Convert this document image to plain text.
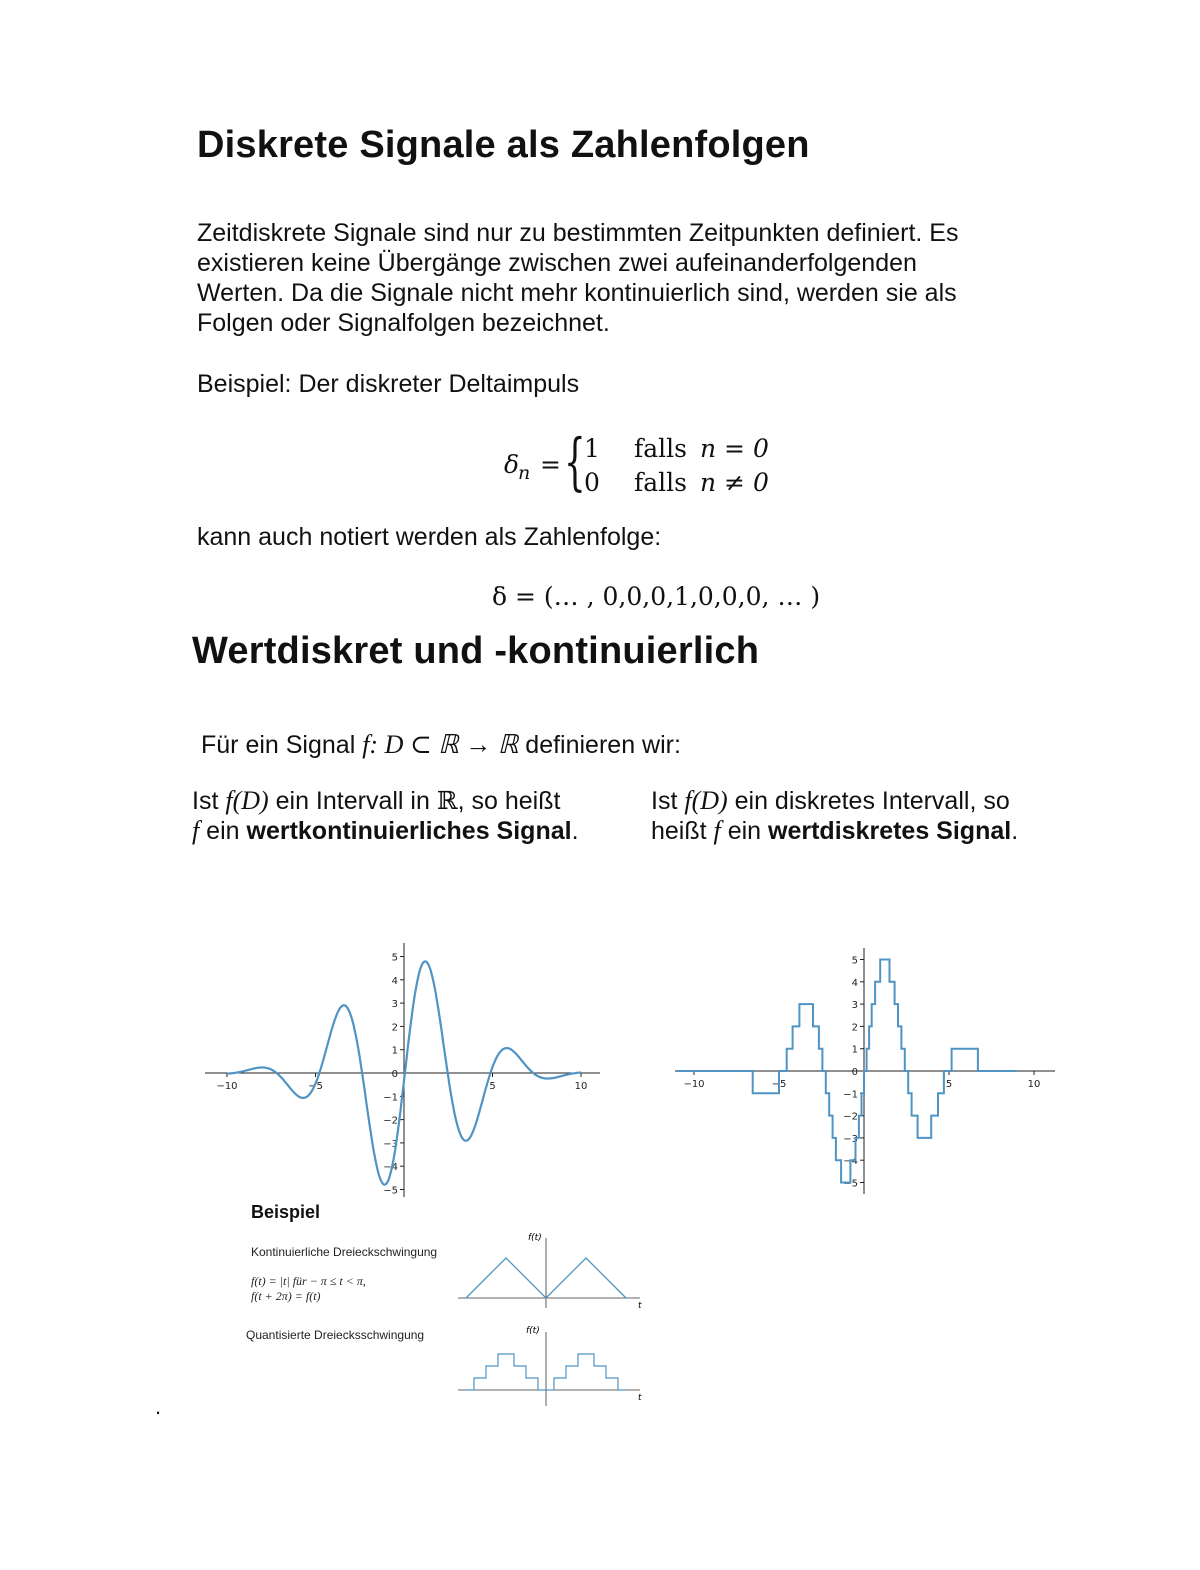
Diskrete Signale als Zahlenfolgen
Zeitdiskrete Signale sind nur zu bestimmten Zeitpunkten definiert. Es
existieren keine Übergänge zwischen zwei aufeinanderfolgenden
Werten. Da die Signale nicht mehr kontinuierlich sind, werden sie als
Folgen oder Signalfolgen bezeichnet.
Beispiel: Der diskreter Deltaimpuls
δ
n = {
1 falls n = 0
0 falls n ≠ 0
kann auch notiert werden als Zahlenfolge:
δ = (… , 0,0,0,1,0,0,0, … )
Wertdiskret und -kontinuierlich
Für ein Signal f: D ⊂ ℝ → ℝ definieren wir:
Ist f(D) ein Intervall in ℝ, so heißt
f ein wertkontinuierliches Signal.
Ist f(D) ein diskretes Intervall, so
heißt f ein wertdiskretes Signal.
−10	−5	5	10
5
4
3
2
1
0
−1
−2
−3
−4
−5
−10	−5	5	10
5
4
3
2
1
0
−1
−2
−3
−4
−5
Beispiel
Kontinuierliche Dreieckschwingung
f(t) = |t| für − π ≤ t < π,
f(t + 2π) = f(t)
Quantisierte Dreiecksschwingung
f(t)
t
f(t)
t
.
